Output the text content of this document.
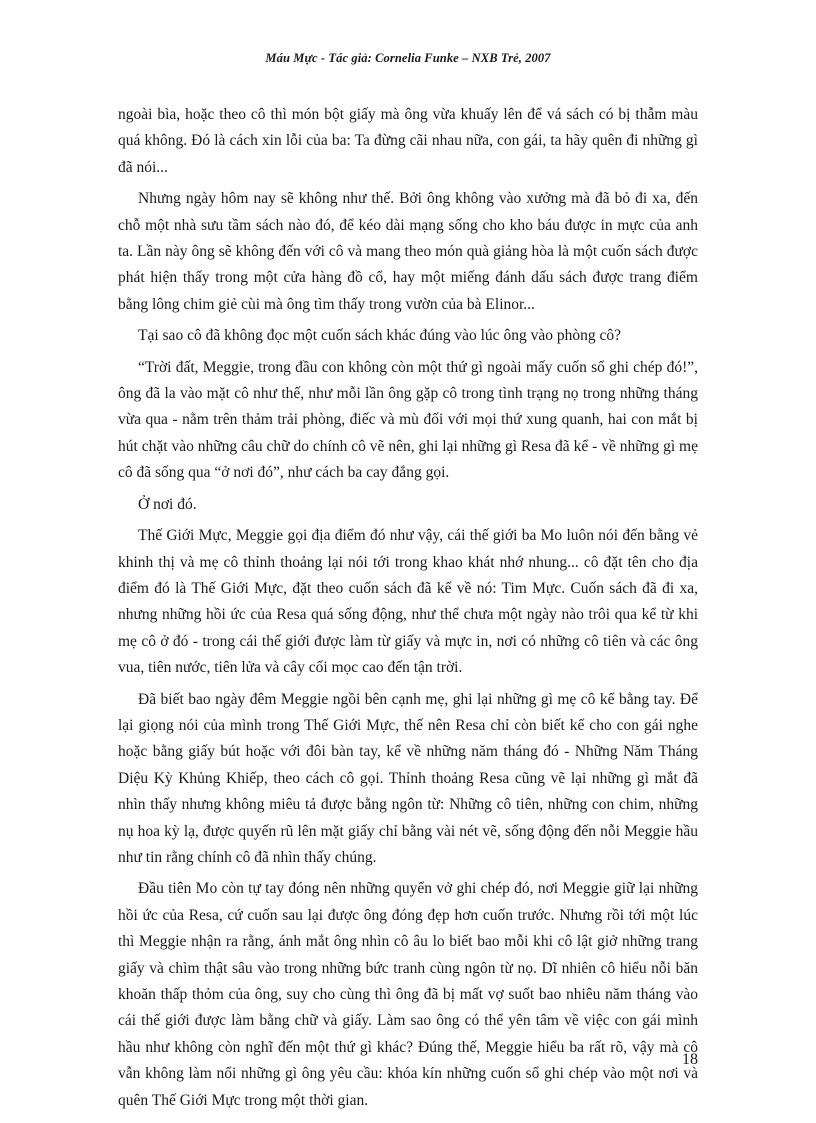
Máu Mực - Tác giả: Cornelia Funke – NXB Trẻ, 2007

ngoài bìa, hoặc theo cô thì món bột giấy mà ông vừa khuấy lên để vá sách có bị thẫm màu quá không. Đó là cách xin lỗi của ba: Ta đừng cãi nhau nữa, con gái, ta hãy quên đi những gì đã nói...

Nhưng ngày hôm nay sẽ không như thế. Bởi ông không vào xưởng mà đã bỏ đi xa, đến chỗ một nhà sưu tầm sách nào đó, để kéo dài mạng sống cho kho báu được in mực của anh ta. Lần này ông sẽ không đến với cô và mang theo món quà giảng hòa là một cuốn sách được phát hiện thấy trong một cửa hàng đồ cổ, hay một miếng đánh dấu sách được trang điểm bằng lông chim giẻ cùi mà ông tìm thấy trong vườn của bà Elinor...

Tại sao cô đã không đọc một cuốn sách khác đúng vào lúc ông vào phòng cô?

“Trời đất, Meggie, trong đầu con không còn một thứ gì ngoài mấy cuốn sổ ghi chép đó!”, ông đã la vào mặt cô như thế, như mỗi lần ông gặp cô trong tình trạng nọ trong những tháng vừa qua - nằm trên thảm trải phòng, điếc và mù đối với mọi thứ xung quanh, hai con mắt bị hút chặt vào những câu chữ do chính cô vẽ nên, ghi lại những gì Resa đã kể - về những gì mẹ cô đã sống qua “ở nơi đó”, như cách ba cay đắng gọi.

Ở nơi đó.

Thế Giới Mực, Meggie gọi địa điểm đó như vậy, cái thế giới ba Mo luôn nói đến bằng vẻ khinh thị và mẹ cô thỉnh thoảng lại nói tới trong khao khát nhớ nhung... cô đặt tên cho địa điểm đó là Thế Giới Mực, đặt theo cuốn sách đã kể về nó: Tim Mực. Cuốn sách đã đi xa, nhưng những hồi ức của Resa quá sống động, như thể chưa một ngày nào trôi qua kể từ khi mẹ cô ở đó - trong cái thế giới được làm từ giấy và mực in, nơi có những cô tiên và các ông vua, tiên nước, tiên lửa và cây cối mọc cao đến tận trời.

Đã biết bao ngày đêm Meggie ngồi bên cạnh mẹ, ghi lại những gì mẹ cô kể bằng tay. Để lại giọng nói của mình trong Thế Giới Mực, thế nên Resa chỉ còn biết kể cho con gái nghe hoặc bằng giấy bút hoặc với đôi bàn tay, kể về những năm tháng đó - Những Năm Tháng Diệu Kỳ Khủng Khiếp, theo cách cô gọi. Thỉnh thoảng Resa cũng vẽ lại những gì mắt đã nhìn thấy nhưng không miêu tả được bằng ngôn từ: Những cô tiên, những con chim, những nụ hoa kỳ lạ, được quyến rũ lên mặt giấy chỉ bằng vài nét vẽ, sống động đến nỗi Meggie hầu như tin rằng chính cô đã nhìn thấy chúng.

Đầu tiên Mo còn tự tay đóng nên những quyển vở ghi chép đó, nơi Meggie giữ lại những hồi ức của Resa, cứ cuốn sau lại được ông đóng đẹp hơn cuốn trước. Nhưng rồi tới một lúc thì Meggie nhận ra rằng, ánh mắt ông nhìn cô âu lo biết bao mỗi khi cô lật giở những trang giấy và chìm thật sâu vào trong những bức tranh cùng ngôn từ nọ. Dĩ nhiên cô hiểu nỗi băn khoăn thấp thỏm của ông, suy cho cùng thì ông đã bị mất vợ suốt bao nhiêu năm tháng vào cái thế giới được làm bằng chữ và giấy. Làm sao ông có thể yên tâm về việc con gái mình hầu như không còn nghĩ đến một thứ gì khác? Đúng thế, Meggie hiểu ba rất rõ, vậy mà cô vẫn không làm nổi những gì ông yêu cầu: khóa kín những cuốn sổ ghi chép vào một nơi và quên Thế Giới Mực trong một thời gian.

18
